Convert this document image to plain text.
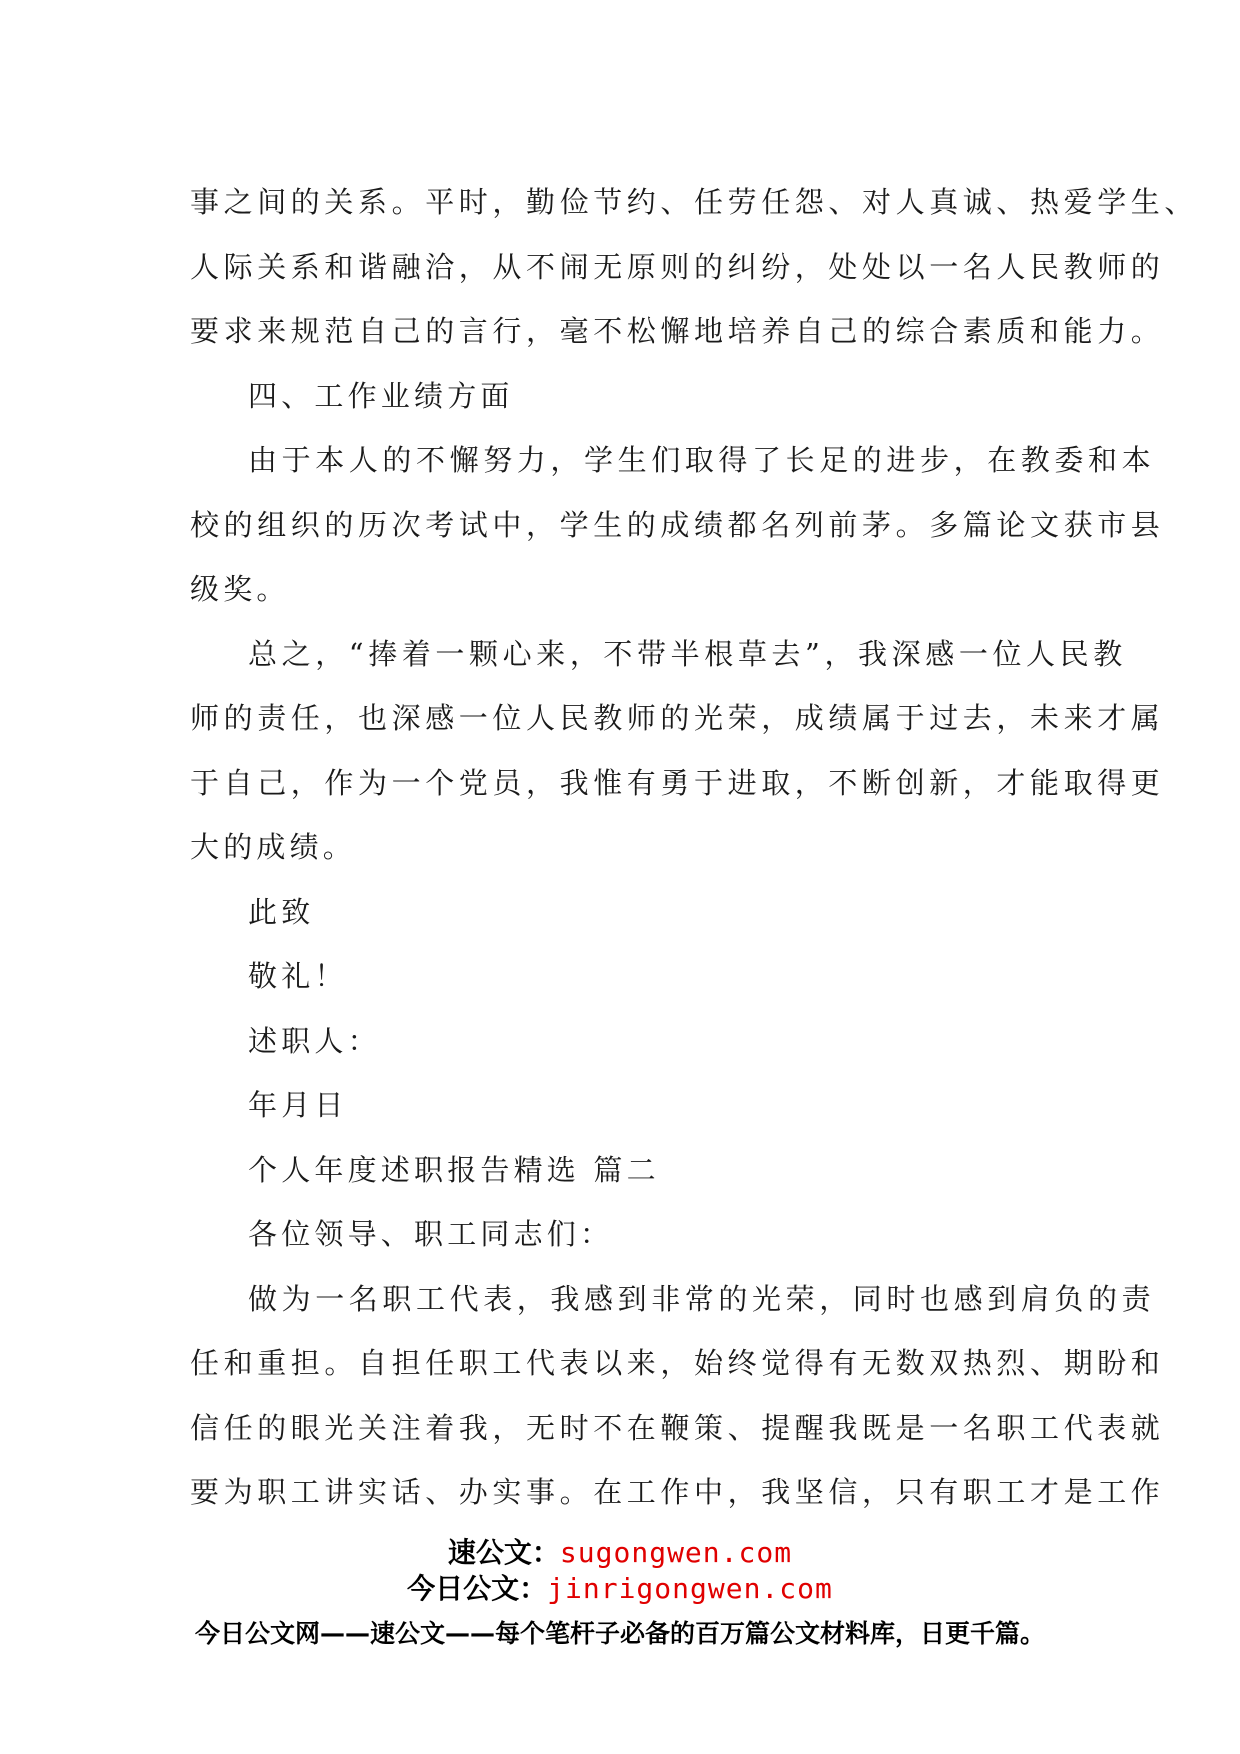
事之间的关系。平时，勤俭节约、任劳任怨、对人真诚、热爱学生、
人际关系和谐融洽，从不闹无原则的纠纷，处处以一名人民教师的
要求来规范自己的言行，毫不松懈地培养自己的综合素质和能力。
四、工作业绩方面
由于本人的不懈努力，学生们取得了长足的进步，在教委和本
校的组织的历次考试中，学生的成绩都名列前茅。多篇论文获市县
级奖。
总之，“捧着一颗心来，不带半根草去”，我深感一位人民教
师的责任，也深感一位人民教师的光荣，成绩属于过去，未来才属
于自己，作为一个党员，我惟有勇于进取，不断创新，才能取得更
大的成绩。
此致
敬礼！
述职人：
年月日
个人年度述职报告精选 篇二
各位领导、职工同志们：
做为一名职工代表，我感到非常的光荣，同时也感到肩负的责
任和重担。自担任职工代表以来，始终觉得有无数双热烈、期盼和
信任的眼光关注着我，无时不在鞭策、提醒我既是一名职工代表就
要为职工讲实话、办实事。在工作中，我坚信，只有职工才是工作
速公文：sugongwen.com
今日公文：jinrigongwen.com
今日公文网——速公文——每个笔杆子必备的百万篇公文材料库，日更千篇。
